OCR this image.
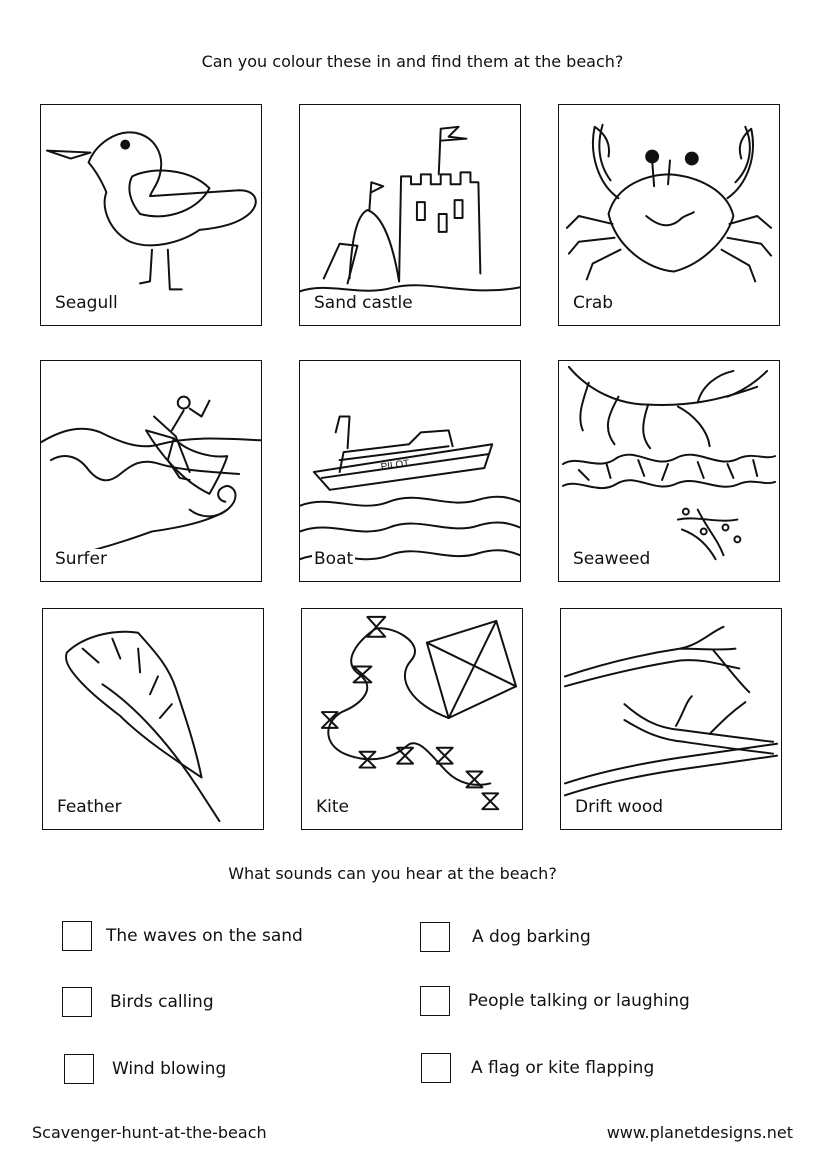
Can you colour these in and find them at the beach?
Seagull	Sand castle	Crab
Surfer
PILOT
Boat	Seaweed
Feather	Kite	Drift wood
What sounds can you hear at the beach?
The waves on the sand	A dog barking
Birds calling	People talking or laughing
Wind blowing	A flag or kite flapping
Scavenger-hunt-at-the-beach	www.planetdesigns.net
